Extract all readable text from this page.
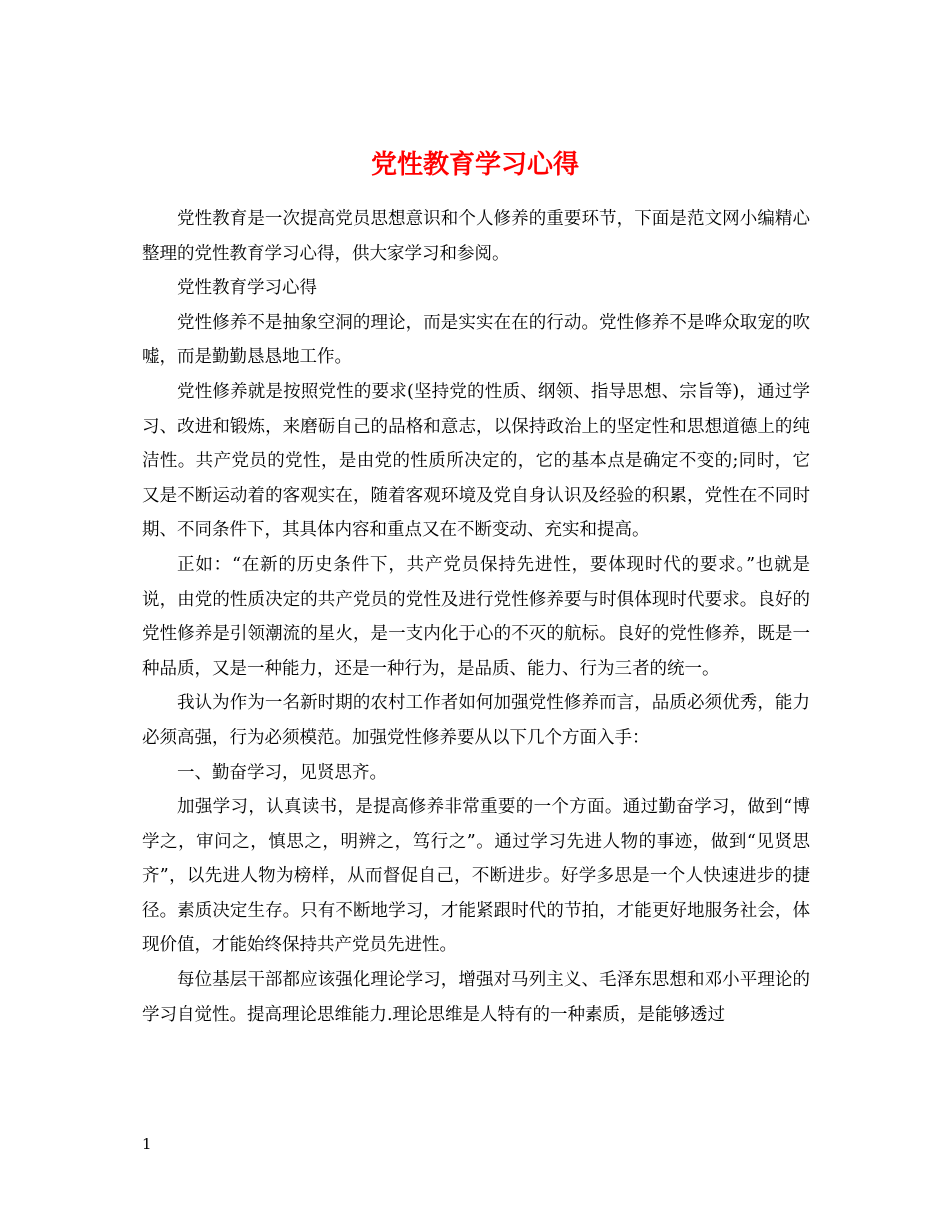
党性教育学习心得

党性教育是一次提高党员思想意识和个人修养的重要环节，下面是范文网小编精心整理的党性教育学习心得，供大家学习和参阅。

党性教育学习心得

党性修养不是抽象空洞的理论，而是实实在在的行动。党性修养不是哗众取宠的吹嘘，而是勤勤恳恳地工作。

党性修养就是按照党性的要求(坚持党的性质、纲领、指导思想、宗旨等)，通过学习、改进和锻炼，来磨砺自己的品格和意志，以保持政治上的坚定性和思想道德上的纯洁性。共产党员的党性，是由党的性质所决定的，它的基本点是确定不变的;同时，它又是不断运动着的客观实在，随着客观环境及党自身认识及经验的积累，党性在不同时期、不同条件下，其具体内容和重点又在不断变动、充实和提高。

正如：“在新的历史条件下，共产党员保持先进性，要体现时代的要求。”也就是说，由党的性质决定的共产党员的党性及进行党性修养要与时俱体现时代要求。良好的党性修养是引领潮流的星火，是一支内化于心的不灭的航标。良好的党性修养，既是一种品质，又是一种能力，还是一种行为，是品质、能力、行为三者的统一。

我认为作为一名新时期的农村工作者如何加强党性修养而言，品质必须优秀，能力必须高强，行为必须模范。加强党性修养要从以下几个方面入手：

一、勤奋学习，见贤思齐。

加强学习，认真读书，是提高修养非常重要的一个方面。通过勤奋学习，做到“博学之，审问之，慎思之，明辨之，笃行之”。通过学习先进人物的事迹，做到“见贤思齐”，以先进人物为榜样，从而督促自己，不断进步。好学多思是一个人快速进步的捷径。素质决定生存。只有不断地学习，才能紧跟时代的节拍，才能更好地服务社会，体现价值，才能始终保持共产党员先进性。

每位基层干部都应该强化理论学习，增强对马列主义、毛泽东思想和邓小平理论的学习自觉性。提高理论思维能力.理论思维是人特有的一种素质，是能够透过

1
